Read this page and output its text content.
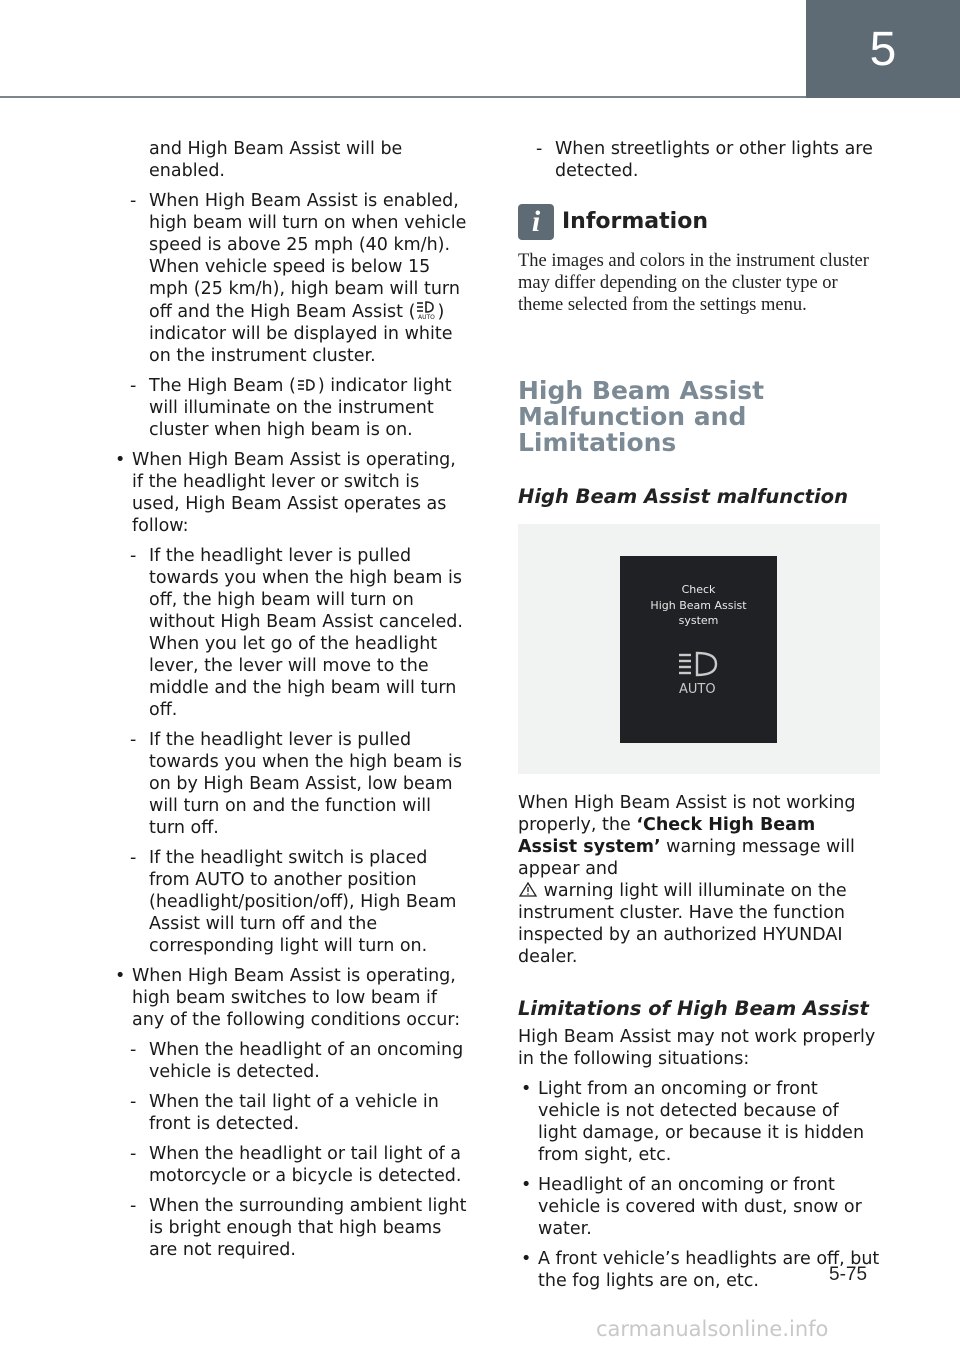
5

and High Beam Assist will be enabled.

- When High Beam Assist is enabled, high beam will turn on when vehicle speed is above 25 mph (40 km/h). When vehicle speed is below 15 mph (25 km/h), high beam will turn off and the High Beam Assist ( AUTO ) indicator will be displayed in white on the instrument cluster.
- The High Beam ( ) indicator light will illuminate on the instrument cluster when high beam is on.
• When High Beam Assist is operating, if the headlight lever or switch is used, High Beam Assist operates as follow:
- If the headlight lever is pulled towards you when the high beam is off, the high beam will turn on without High Beam Assist canceled. When you let go of the headlight lever, the lever will move to the middle and the high beam will turn off.
- If the headlight lever is pulled towards you when the high beam is on by High Beam Assist, low beam will turn on and the function will turn off.
- If the headlight switch is placed from AUTO to another position (headlight/position/off), High Beam Assist will turn off and the corresponding light will turn on.
• When High Beam Assist is operating, high beam switches to low beam if any of the following conditions occur:
- When the headlight of an oncoming vehicle is detected.
- When the tail light of a vehicle in front is detected.
- When the headlight or tail light of a motorcycle or a bicycle is detected.
- When the surrounding ambient light is bright enough that high beams are not required.
- When streetlights or other lights are detected.
i Information

The images and colors in the instrument cluster may differ depending on the cluster type or theme selected from the settings menu.

High Beam Assist Malfunction and Limitations
High Beam Assist malfunction
Check
High Beam Assist
system
AUTO

When High Beam Assist is not working properly, the ‘Check High Beam Assist system’ warning message will appear and
warning light will illuminate on the instrument cluster. Have the function inspected by an authorized HYUNDAI dealer.

Limitations of High Beam Assist

High Beam Assist may not work properly in the following situations:

• Light from an oncoming or front vehicle is not detected because of light damage, or because it is hidden from sight, etc.
• Headlight of an oncoming or front vehicle is covered with dust, snow or water.
• A front vehicle’s headlights are off, but the fog lights are on, etc.	5-75
carmanualsonline.info
